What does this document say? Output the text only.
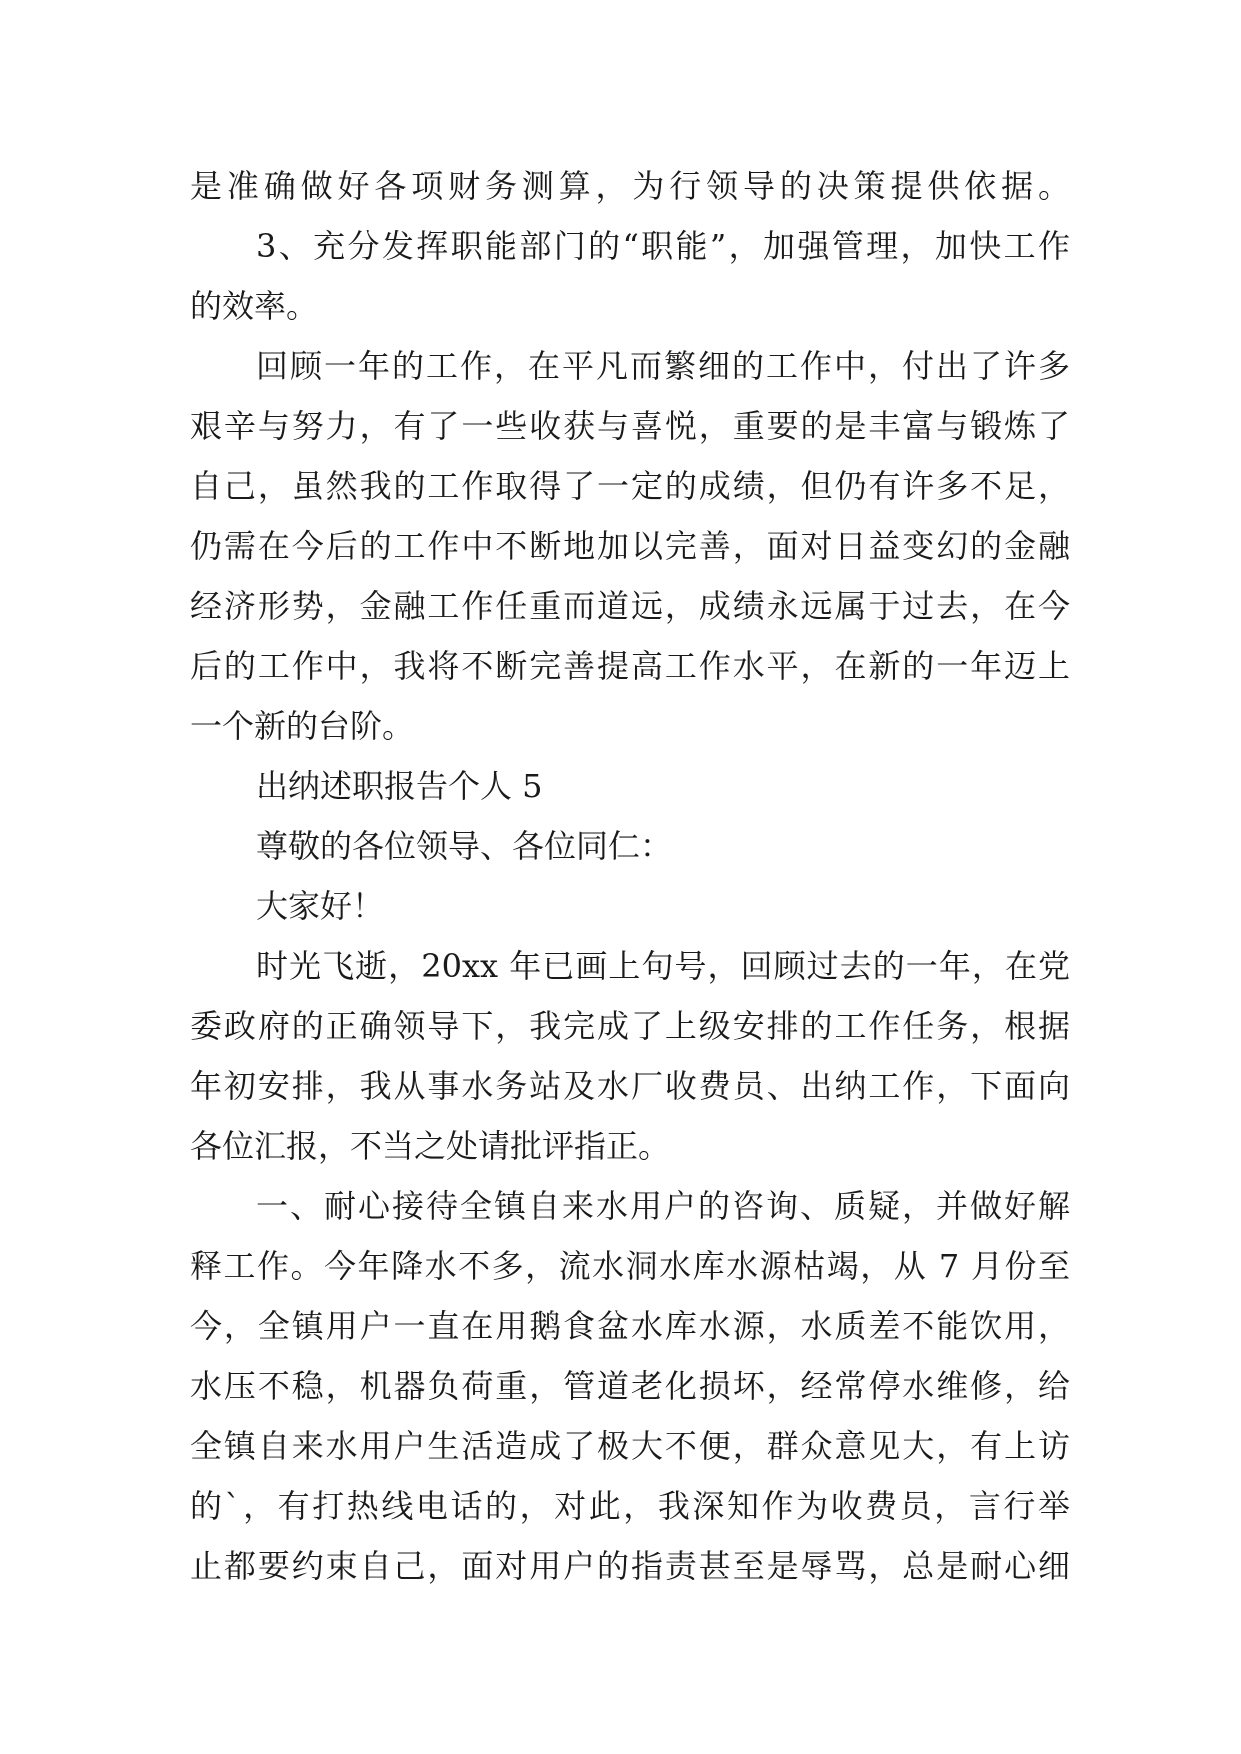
是准确做好各项财务测算，为行领导的决策提供依据。
3、充分发挥职能部门的“职能”，加强管理，加快工作
的效率。
回顾一年的工作，在平凡而繁细的工作中，付出了许多
艰辛与努力，有了一些收获与喜悦，重要的是丰富与锻炼了
自己，虽然我的工作取得了一定的成绩，但仍有许多不足，
仍需在今后的工作中不断地加以完善，面对日益变幻的金融
经济形势，金融工作任重而道远，成绩永远属于过去，在今
后的工作中，我将不断完善提高工作水平，在新的一年迈上
一个新的台阶。
出纳述职报告个人 5
尊敬的各位领导、各位同仁：
大家好！
时光飞逝，20xx 年已画上句号，回顾过去的一年，在党
委政府的正确领导下，我完成了上级安排的工作任务，根据
年初安排，我从事水务站及水厂收费员、出纳工作，下面向
各位汇报，不当之处请批评指正。
一、耐心接待全镇自来水用户的咨询、质疑，并做好解
释工作。今年降水不多，流水洞水库水源枯竭，从 7 月份至
今，全镇用户一直在用鹅食盆水库水源，水质差不能饮用，
水压不稳，机器负荷重，管道老化损坏，经常停水维修，给
全镇自来水用户生活造成了极大不便，群众意见大，有上访
的`，有打热线电话的，对此，我深知作为收费员，言行举
止都要约束自己，面对用户的指责甚至是辱骂，总是耐心细
